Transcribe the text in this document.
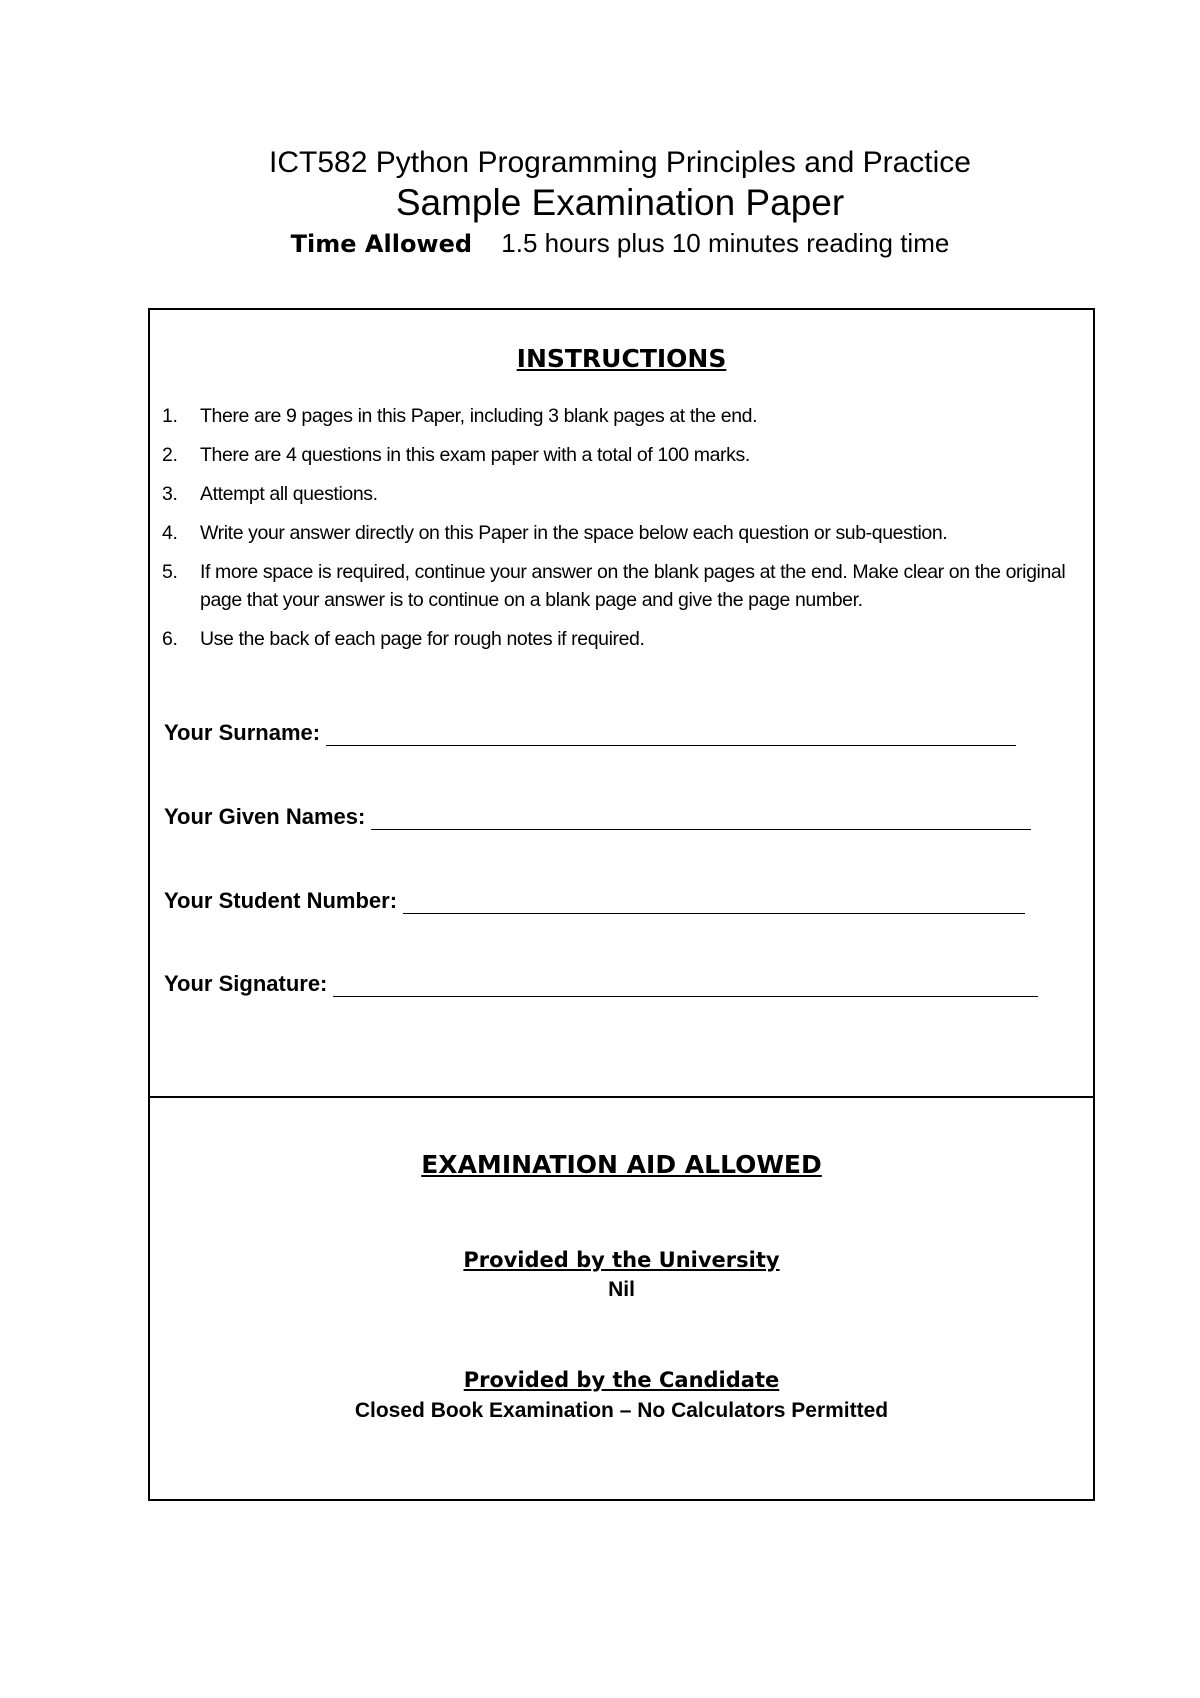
ICT582 Python Programming Principles and Practice

Sample Examination Paper

Time Allowed 1.5 hours plus 10 minutes reading time

INSTRUCTIONS

1.	There are 9 pages in this Paper, including 3 blank pages at the end.
2.	There are 4 questions in this exam paper with a total of 100 marks.
3.	Attempt all questions.
4.	Write your answer directly on this Paper in the space below each question or sub-question.
5.	If more space is required, continue your answer on the blank pages at the end. Make clear on the original page that your answer is to continue on a blank page and give the page number.
6.	Use the back of each page for rough notes if required.
Your Surname:
Your Given Names:
Your Student Number:
Your Signature:

EXAMINATION AID ALLOWED

Provided by the University

Nil

Provided by the Candidate

Closed Book Examination – No Calculators Permitted
